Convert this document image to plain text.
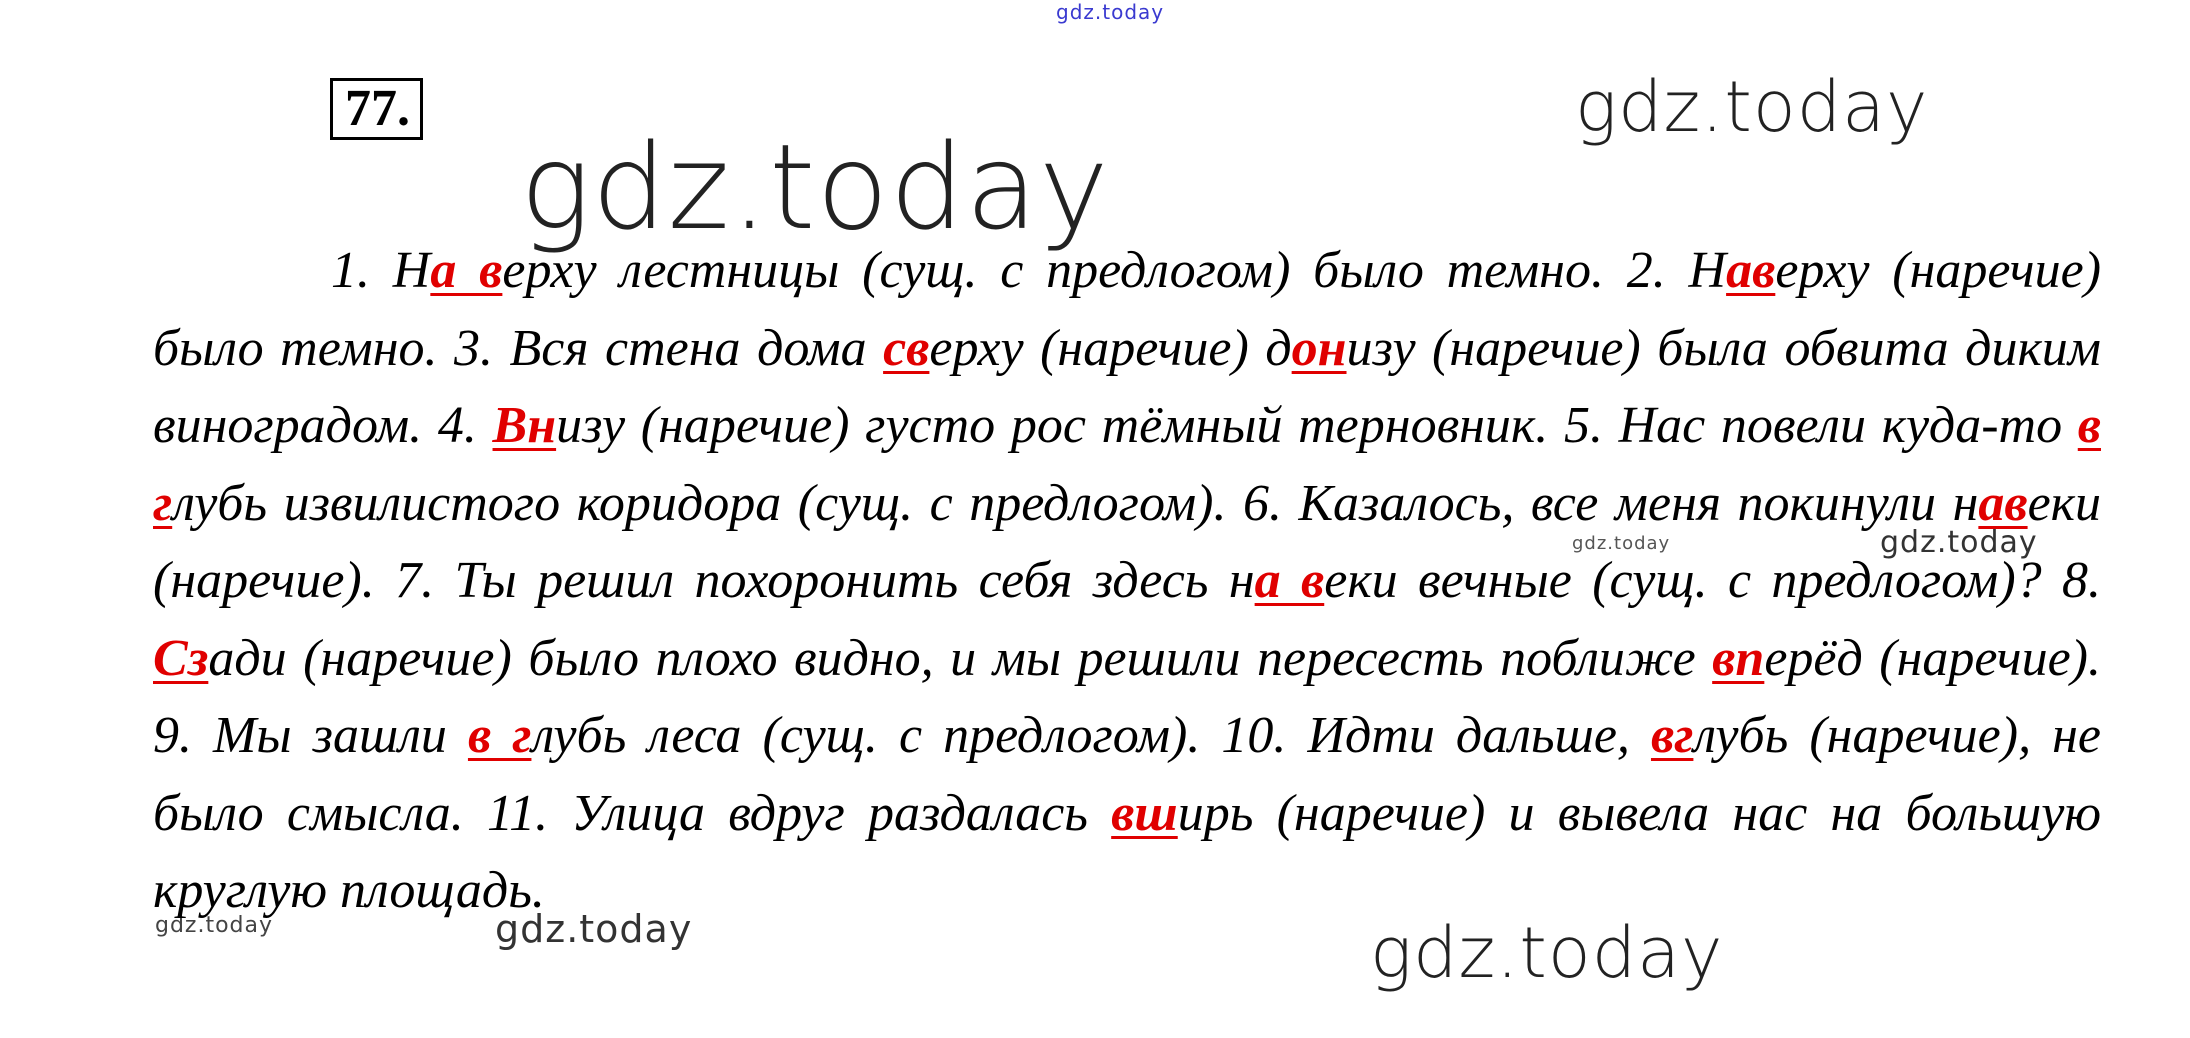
gdz.today
gdz.today
gdz.today
gdz.today	gdz.today
gdz.today	gdz.today	gdz.today
77.
1. На верху лестницы (сущ. с предлогом) было темно. 2. Наверху (наречие) было темно. 3. Вся стена дома сверху (наречие) донизу (наречие) была обвита диким виноградом. 4. Внизу (наречие) густо рос тёмный терновник. 5. Нас повели куда-то в глубь извилистого коридора (сущ. с предлогом). 6. Казалось, все меня покинули навеки (наречие). 7. Ты решил похоронить себя здесь на веки вечные (сущ. с предлогом)? 8. Сзади (наречие) было плохо видно, и мы решили пересесть поближе вперёд (наречие). 9. Мы зашли в глубь леса (сущ. с предлогом). 10. Идти дальше, вглубь (наречие), не было смысла. 11. Улица вдруг раздалась вширь (наречие) и вывела нас на большую круглую площадь.
